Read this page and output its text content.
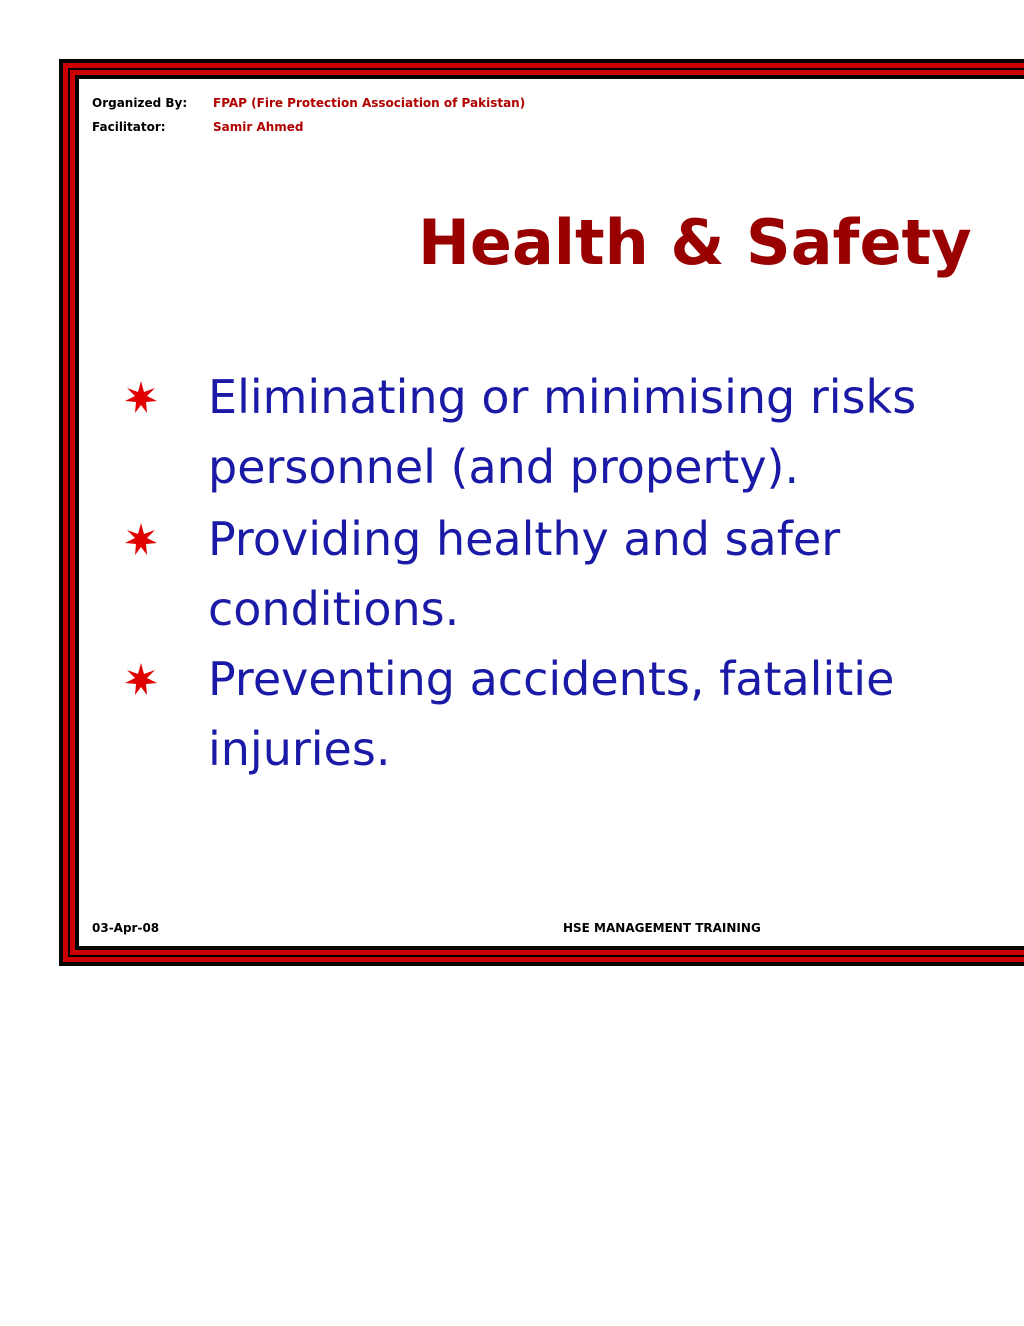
Organized By: FPAP (Fire Protection Association of Pakistan)
Facilitator:	Samir Ahmed
Health & Safety
Eliminating or minimising risks
personnel (and property).
Providing healthy and safer
conditions.
Preventing accidents, fatalitie
injuries.
03-Apr-08	HSE MANAGEMENT TRAINING
